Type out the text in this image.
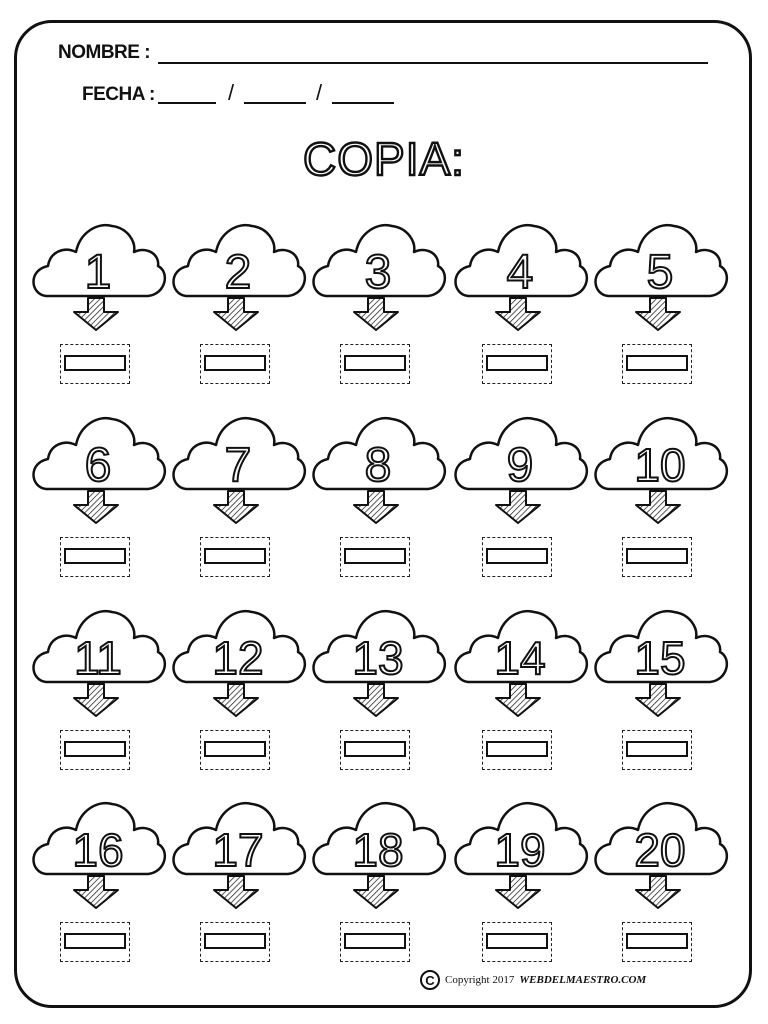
NOMBRE :
FECHA :	/	/
COPIA:
1 2 3 4 5
6 7 8 9 10
11 12 13 14 15
16 17 18 19 20
C Copyright 2017 WEBDELMAESTRO.COM
